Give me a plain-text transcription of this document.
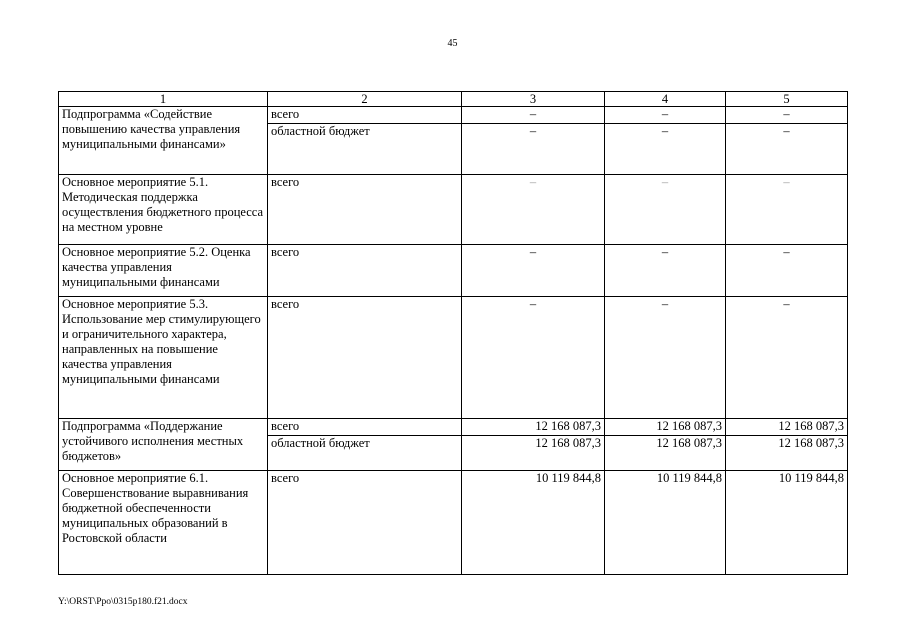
45
1	2	3	4	5
Подпрограмма «Содействие повышению качества управления муниципальными финансами»	всего	–	–	–
	областной бюджет	–	–	–
Основное мероприятие 5.1. Методическая поддержка осуществления бюджетного процесса на местном уровне	всего	–	–	–
Основное мероприятие 5.2. Оценка качества управления муниципальными финансами	всего	–	–	–
Основное мероприятие 5.3. Использование мер стимулирующего и ограничительного характера, направленных на повышение качества управления муниципальными финансами	всего	–	–	–
Подпрограмма «Поддержание устойчивого исполнения местных бюджетов»	всего	12 168 087,3	12 168 087,3	12 168 087,3
	областной бюджет	12 168 087,3	12 168 087,3	12 168 087,3
Основное мероприятие 6.1. Совершенствование выравнивания бюджетной обеспеченности муниципальных образований в Ростовской области	всего	10 119 844,8	10 119 844,8	10 119 844,8
Y:\ORST\Ppo\0315p180.f21.docx
